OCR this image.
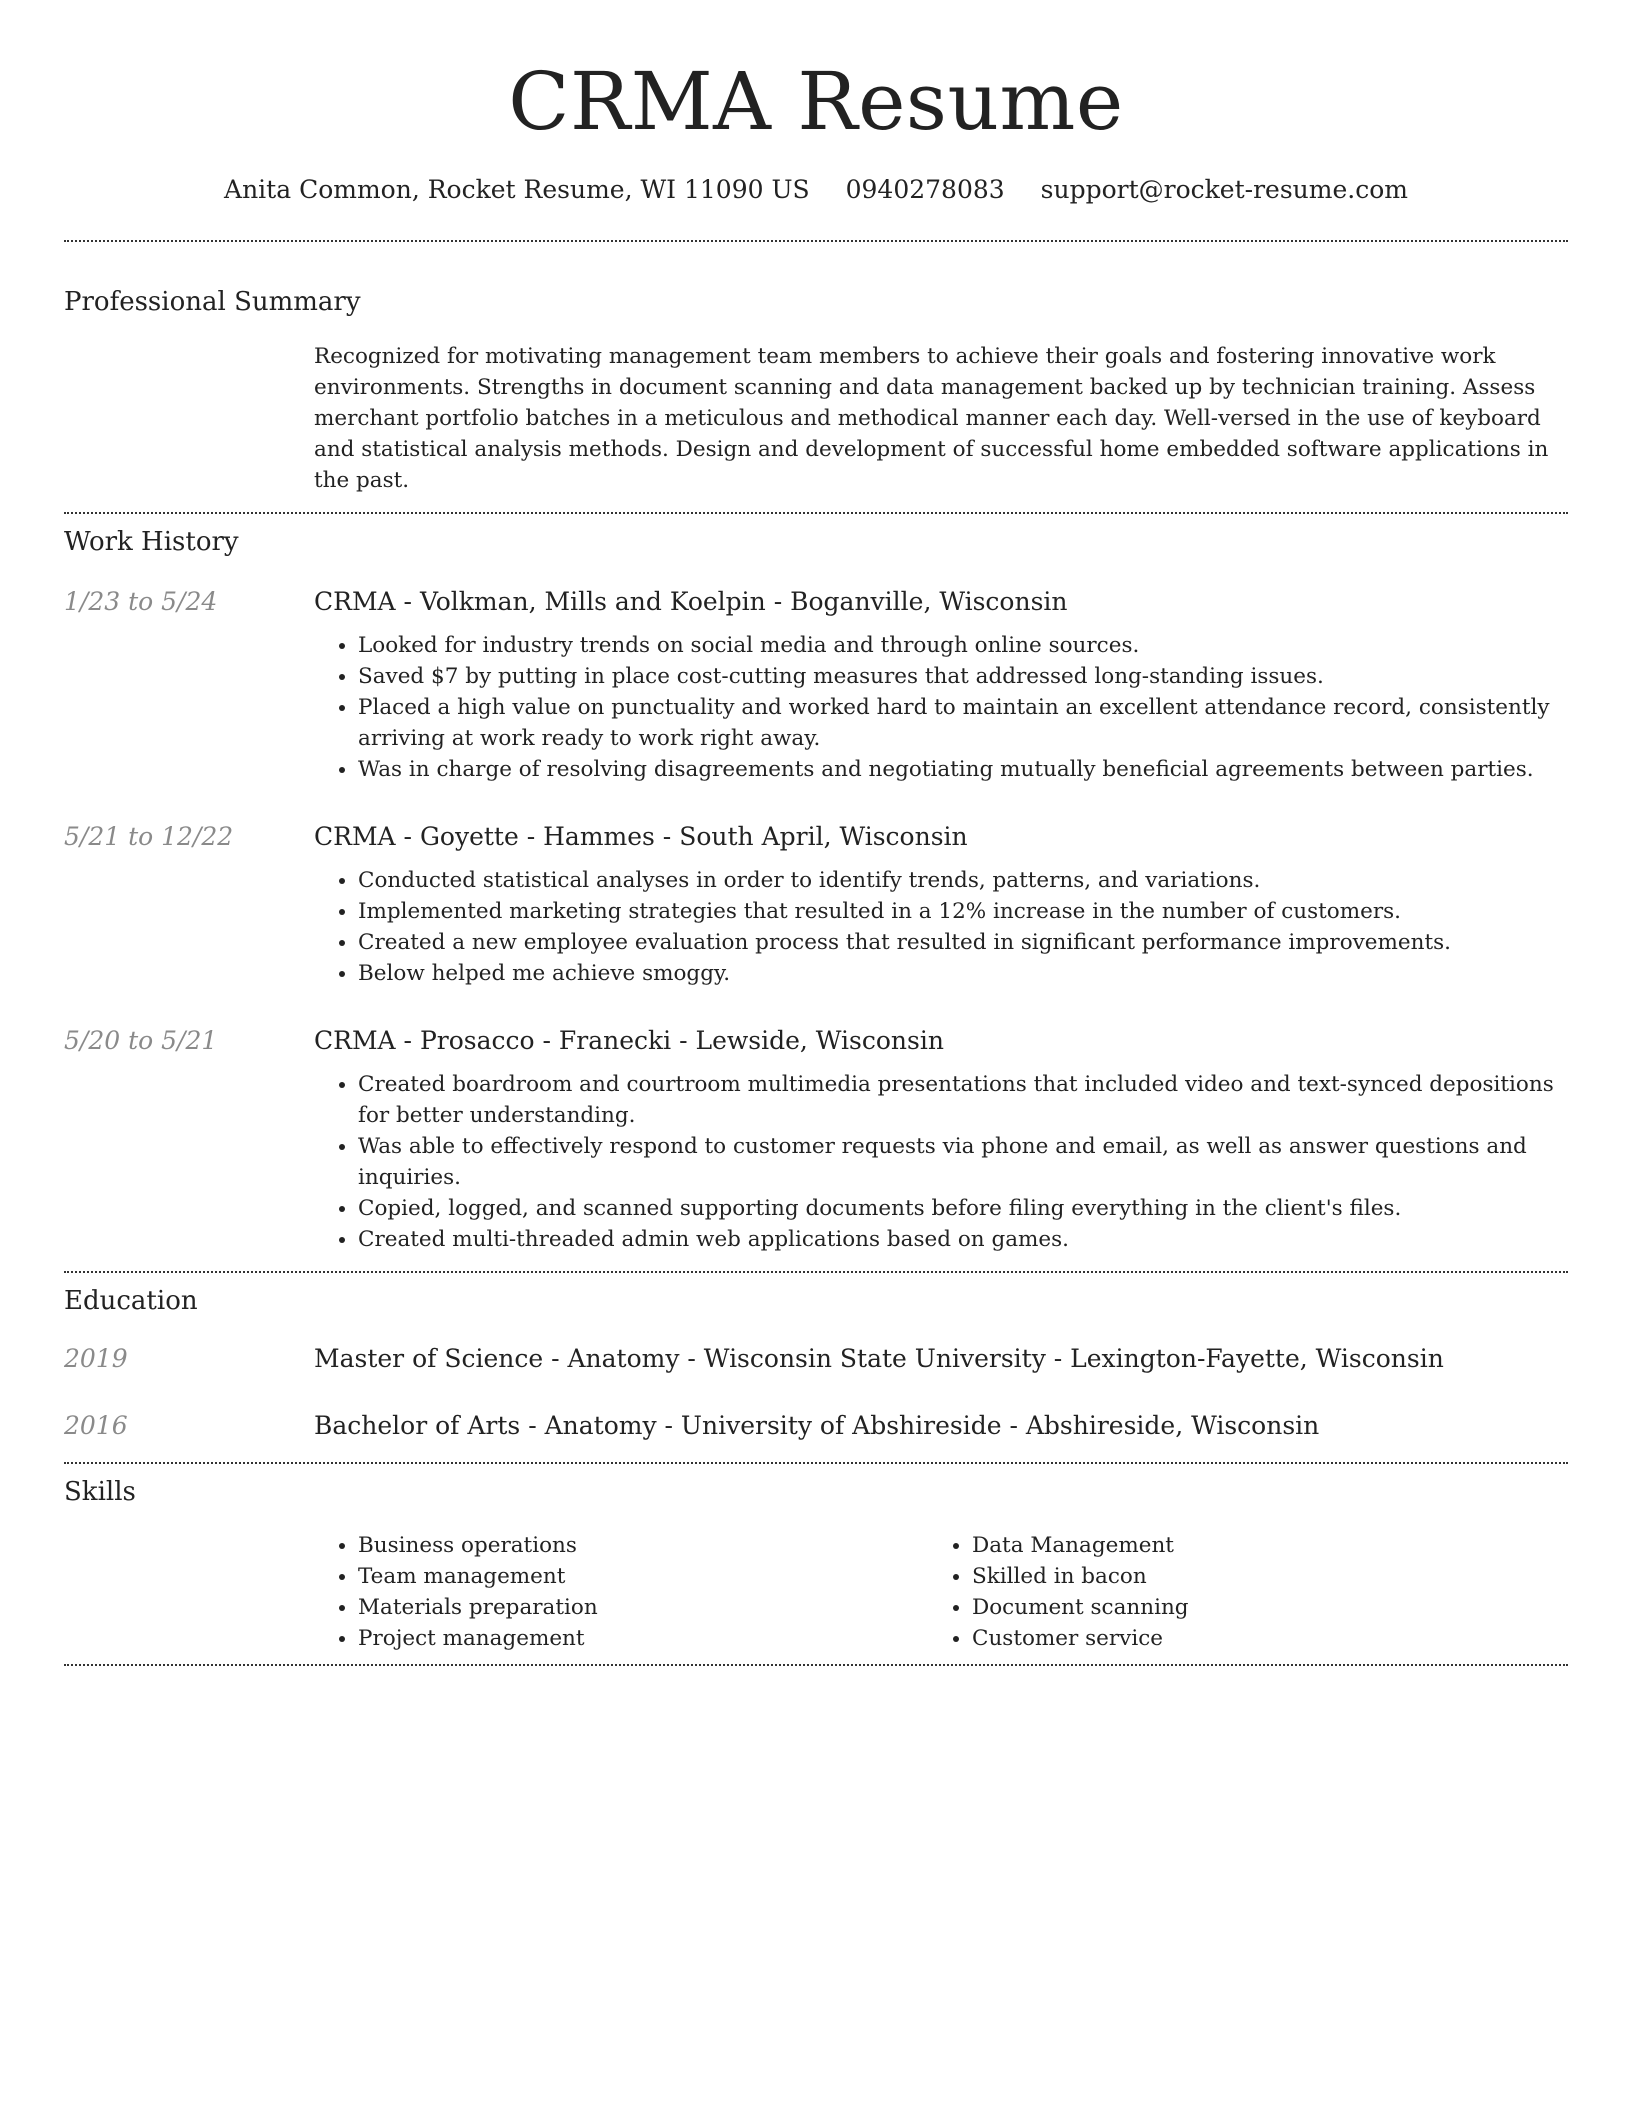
CRMA Resume
Anita Common, Rocket Resume, WI 11090 US 0940278083 support@rocket-resume.com
Professional Summary
Recognized for motivating management team members to achieve their goals and fostering innovative work environments. Strengths in document scanning and data management backed up by technician training. Assess merchant portfolio batches in a meticulous and methodical manner each day. Well-versed in the use of keyboard and statistical analysis methods. Design and development of successful home embedded software applications in the past.
Work History
1/23 to 5/24	CRMA - Volkman, Mills and Koelpin - Boganville, Wisconsin
• Looked for industry trends on social media and through online sources.
• Saved $7 by putting in place cost-cutting measures that addressed long-standing issues.
• Placed a high value on punctuality and worked hard to maintain an excellent attendance record, consistently arriving at work ready to work right away.
• Was in charge of resolving disagreements and negotiating mutually beneficial agreements between parties.
5/21 to 12/22	CRMA - Goyette - Hammes - South April, Wisconsin
• Conducted statistical analyses in order to identify trends, patterns, and variations.
• Implemented marketing strategies that resulted in a 12% increase in the number of customers.
• Created a new employee evaluation process that resulted in significant performance improvements.
• Below helped me achieve smoggy.
5/20 to 5/21	CRMA - Prosacco - Franecki - Lewside, Wisconsin
• Created boardroom and courtroom multimedia presentations that included video and text-synced depositions for better understanding.
• Was able to effectively respond to customer requests via phone and email, as well as answer questions and inquiries.
• Copied, logged, and scanned supporting documents before filing everything in the client's files.
• Created multi-threaded admin web applications based on games.
Education
2019	Master of Science - Anatomy - Wisconsin State University - Lexington-Fayette, Wisconsin
2016	Bachelor of Arts - Anatomy - University of Abshireside - Abshireside, Wisconsin
Skills
• Business operations
• Team management
• Materials preparation
• Project management
• Data Management
• Skilled in bacon
• Document scanning
• Customer service
